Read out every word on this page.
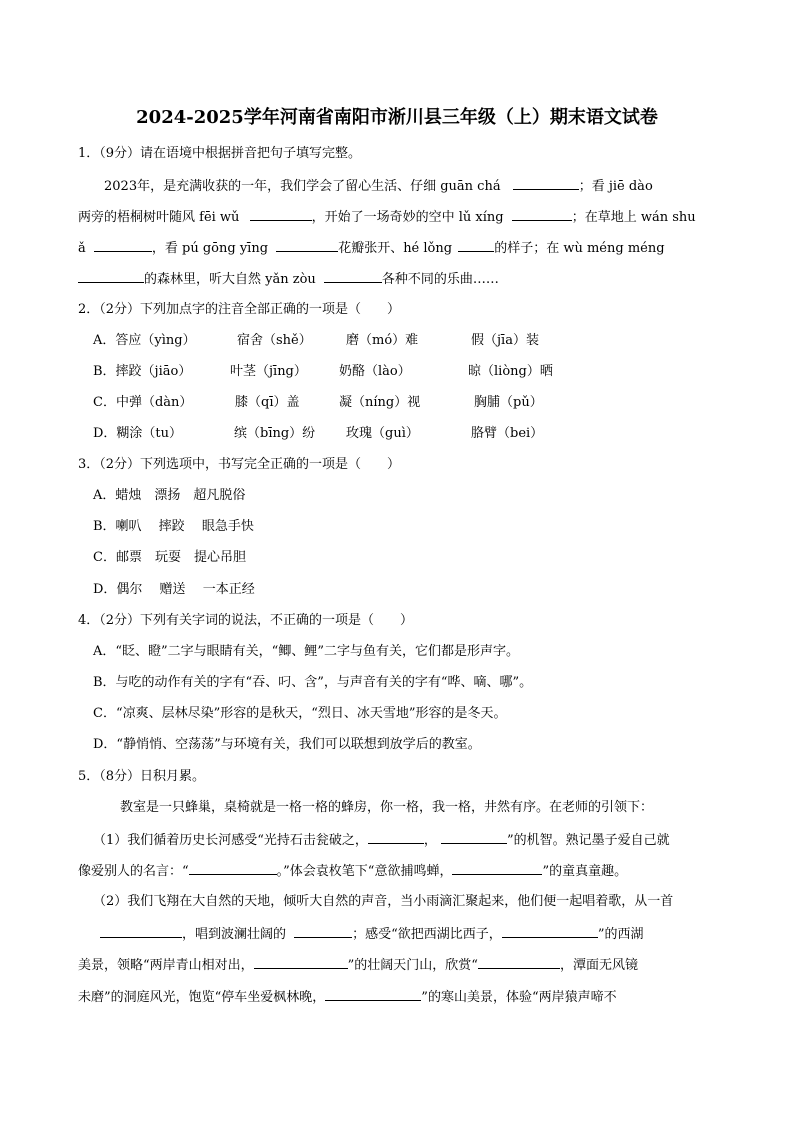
2024-2025学年河南省南阳市淅川县三年级（上）期末语文试卷
1．（9分）请在语境中根据拼音把句子填写完整。
2023年，是充满收获的一年，我们学会了留心生活、仔细 guān chá	；看 jiē dào
两旁的梧桐树叶随风 fēi wǔ	，开始了一场奇妙的空中 lǔ xíng	；在草地上 wán shu
ǎ	，看 pú gōng yīng	花瓣张开、hé lǒng	的样子；在 wù méng méng
的森林里，听大自然 yǎn zòu	各种不同的乐曲……
2．（2分）下列加点字的注音全部正确的一项是（　　）
A．答应（yìng）	宿舍（shě）	磨（mó）难	假（jīa）装
B．摔跤（jiāo）	叶茎（jīng） 奶酪（lào）	晾（liòng）晒
C．中弹（dàn）	膝（qī）盖	凝（níng）视	胸脯（pǔ）
D．糊涂（tu）	缤（bīng）纷 玫瑰（guì）	胳臂（bei）
3．（2分）下列选项中，书写完全正确的一项是（　　）
A．蜡烛　漂扬　超凡脱俗
B．喇叭　 摔跤　 眼急手快
C．邮票　玩耍　提心吊胆
D．偶尔　 赠送　 一本正经
4．（2分）下列有关字词的说法，不正确的一项是（　　）
A．“眨、瞪”二字与眼睛有关，“鲫、鲤”二字与鱼有关，它们都是形声字。
B．与吃的动作有关的字有“吞、叼、含”，与声音有关的字有“哗、嘀、哪”。
C．“凉爽、层林尽染”形容的是秋天，“烈日、冰天雪地”形容的是冬天。
D．“静悄悄、空荡荡”与环境有关，我们可以联想到放学后的教室。
5．（8分）日积月累。
教室是一只蜂巢，桌椅就是一格一格的蜂房，你一格，我一格，井然有序。在老师的引领下：
（1）我们循着历史长河感受“光持石击瓮破之，	，	”的机智。熟记墨子爱自己就
像爱别人的名言：“	。”体会袁枚笔下“意欲捕鸣蝉，	”的童真童趣。
（2）我们飞翔在大自然的天地，倾听大自然的声音，当小雨滴汇聚起来，他们便一起唱着歌，从一首
，唱到波澜壮阔的	；感受“欲把西湖比西子，	”的西湖
美景，领略“两岸青山相对出，	”的壮阔天门山，欣赏“	，潭面无风镜
未磨”的洞庭风光，饱览“停车坐爱枫林晚，	”的寒山美景，体验“两岸猿声啼不
